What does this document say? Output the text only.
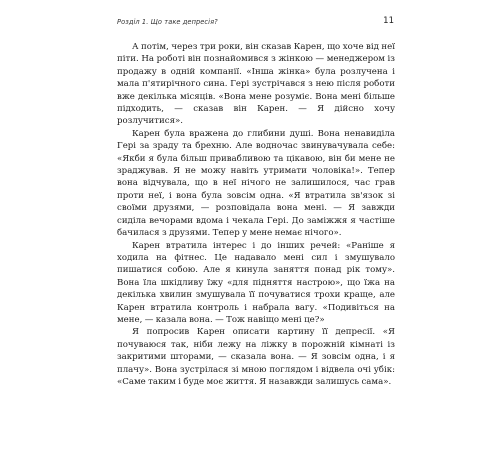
Розділ 1. Що таке депресія?	11

А потім, через три роки, він сказав Карен, що хоче від неї піти. На роботі він познайомився з жінкою — менеджером із продажу в одній компанії. «Інша жінка» була розлучена і мала п'ятирічного сина. Гері зустрічався з нею після роботи вже декілька місяців. «Вона мене розуміє. Вона мені більше підходить, — сказав він Карен. — Я дійсно хочу розлучитися».

Карен була вражена до глибини душі. Вона ненавиділа Гері за зраду та брехню. Але водночас звинувачувала себе: «Якби я була більш привабливою та цікавою, він би мене не зраджував. Я не можу навіть утримати чоловіка!». Тепер вона відчувала, що в неї нічого не залишилося, час грав проти неї, і вона була зовсім одна. «Я втратила зв'язок зі своїми друзями, — розповідала вона мені. — Я завжди сиділа вечорами вдома і чекала Гері. До заміжжя я частіше бачилася з друзями. Тепер у мене немає нічого».

Карен втратила інтерес і до інших речей: «Раніше я ходила на фітнес. Це надавало мені сил і змушувало пишатися собою. Але я кинула заняття понад рік тому». Вона їла шкідливу їжу «для підняття настрою», що їжа на декілька хвилин змушувала її почуватися трохи краще, але Карен втратила контроль і набрала вагу. «Подивіться на мене, — казала вона. — Тож навіщо мені це?»

Я попросив Карен описати картину її депресії. «Я почуваюся так, ніби лежу на ліжку в порожній кімнаті із закритими шторами, — сказала вона. — Я зовсім одна, і я плачу». Вона зустрілася зі мною поглядом і відвела очі убік: «Саме таким і буде моє життя. Я назавжди залишусь сама».
